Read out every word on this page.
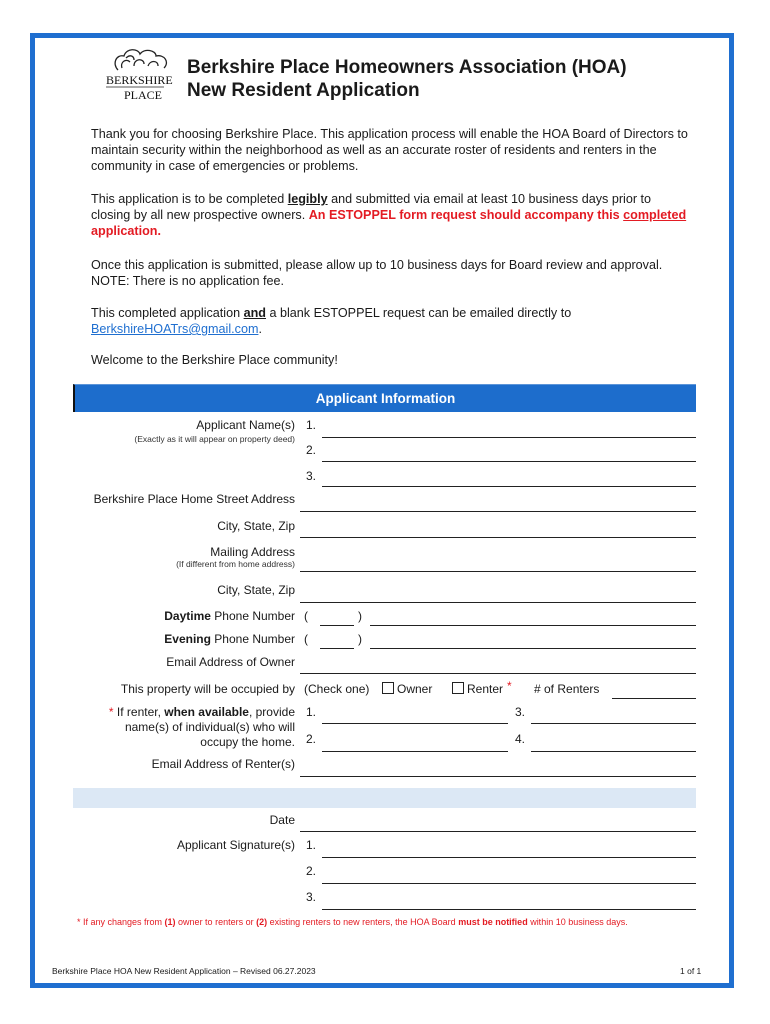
BERKSHIRE
PLACE
Berkshire Place Homeowners Association (HOA)
New Resident Application
Thank you for choosing Berkshire Place. This application process will enable the HOA Board of Directors to maintain security within the neighborhood as well as an accurate roster of residents and renters in the community in case of emergencies or problems.
This application is to be completed legibly and submitted via email at least 10 business days prior to closing by all new prospective owners. An ESTOPPEL form request should accompany this completed application.
Once this application is submitted, please allow up to 10 business days for Board review and approval. NOTE: There is no application fee.
This completed application and a blank ESTOPPEL request can be emailed directly to BerkshireHOATrs@gmail.com.
Welcome to the Berkshire Place community!
Applicant Information
Applicant Name(s)
(Exactly as it will appear on property deed)
1.
2.
3.
Berkshire Place Home Street Address
City, State, Zip
Mailing Address
(If different from home address)
City, State, Zip
Daytime Phone Number (	)
Evening Phone Number (	)
Email Address of Owner
This property will be occupied by (Check one) Owner	Renter * # of Renters
* If renter, when available, provide
name(s) of individual(s) who will
occupy the home.
1.	3.
2.	4.
Email Address of Renter(s)
Date
Applicant Signature(s) 1.
2.
3.
* If any changes from (1) owner to renters or (2) existing renters to new renters, the HOA Board must be notified within 10 business days.
Berkshire Place HOA New Resident Application – Revised 06.27.2023	1 of 1
